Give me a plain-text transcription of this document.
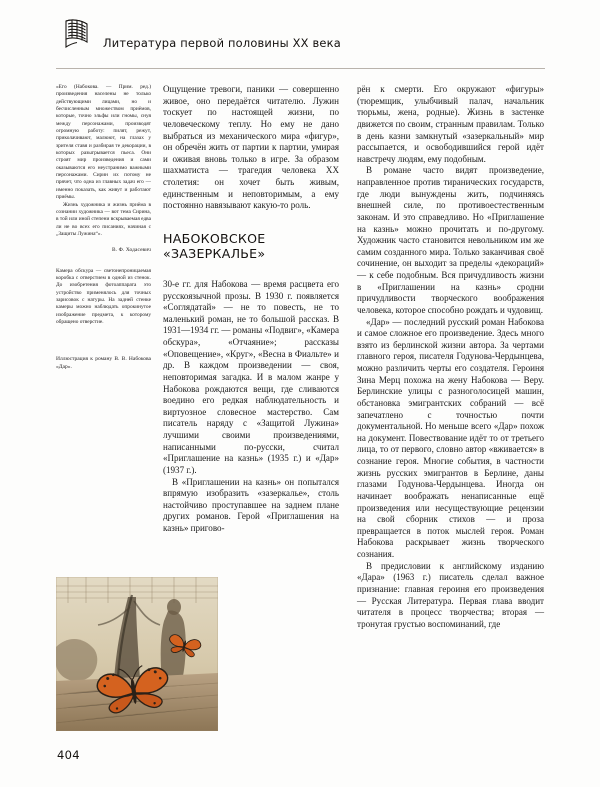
Литература первой половины XX века

«Его (Набокова. — Прим. ред.) произведения населены не только действующими лицами, но и бесчисленным множеством приёмов, которые, точно эльфы или гномы, снуя между персонажами, производят огромную работу: пилят, режут, приколачивают, малюют, на глазах у зрителя ставя и разбирая те декорации, в которых разыгрывается пьеса. Они строят мир произведения и сами оказываются его неустранимо важными персонажами. Сирин их потому не прячет, что одна из главных задач его — именно показать, как живут и работают приёмы.

Жизнь художника и жизнь приёма в сознании художника — вот тема Сирина, в той или иной степени вскрываемая едва ли не во всех его писаниях, начиная с „Защиты Лужина“».

В. Ф. Ходасевич

Камера обскура — светонепроницаемая коробка с отверстием в одной из стенок. До изобретения фотоаппарата это устройство применялось для точных зарисовок с натуры. На задней стенке камеры можно наблюдать опрокинутое изображение предмета, к которому обращено отверстие.

Иллюстрация к роману В. В. Набокова «Дар».

Ощущение тревоги, паники — совершенно живое, оно передаётся читателю. Лужин тоскует по настоящей жизни, по человеческому теплу. Но ему не дано выбраться из механического мира «фигур», он обречён жить от партии к партии, умирая и оживая вновь только в игре. За образом шахматиста — трагедия человека XX столетия: он хочет быть живым, единственным и неповторимым, а ему постоянно навязывают какую-то роль.

НАБОКОВСКОЕ «ЗАЗЕРКАЛЬЕ»

30-е гг. для Набокова — время расцвета его русскоязычной прозы. В 1930 г. появляется «Соглядатай» — не то повесть, не то маленький роман, не то большой рассказ. В 1931—1934 гг. — романы «Подвиг», «Камера обскура», «Отчаяние»; рассказы «Оповещение», «Круг», «Весна в Фиальте» и др. В каждом произведении — своя, неповторимая загадка. И в малом жанре у Набокова рождаются вещи, где сливаются воедино его редкая наблюдательность и виртуозное словесное мастерство. Сам писатель наряду с «Защитой Лужина» лучшими своими произведениями, написанными по-русски, считал «Приглашение на казнь» (1935 г.) и «Дар» (1937 г.).

В «Приглашении на казнь» он попытался впрямую изобразить «зазеркалье», столь настойчиво проступавшее на заднем плане других романов. Герой «Приглашения на казнь» пригово-

рён к смерти. Его окружают «фигуры» (тюремщик, улыбчивый палач, начальник тюрьмы, жена, родные). Жизнь в застенке движется по своим, странным правилам. Только в день казни замкнутый «зазеркальный» мир рассыпается, и освободившийся герой идёт навстречу людям, ему подобным.

В романе часто видят произведение, направленное против тиранических государств, где люди вынуждены жить, подчиняясь внешней силе, по противоестественным законам. И это справедливо. Но «Приглашение на казнь» можно прочитать и по-другому. Художник часто становится невольником им же самим созданного мира. Только заканчивая своё сочинение, он выходит за пределы «декораций» — к себе подобным. Вся причудливость жизни в «Приглашении на казнь» сродни причудливости творческого воображения человека, которое способно рождать и чудовищ.

«Дар» — последний русский роман Набокова и самое сложное его произведение. Здесь много взято из берлинской жизни автора. За чертами главного героя, писателя Годунова-Чердынцева, можно различить черты его создателя. Героиня Зина Мерц похожа на жену Набокова — Веру. Берлинские улицы с разноголосицей машин, обстановка эмигрантских собраний — всё запечатлено с точностью почти документальной. Но меньше всего «Дар» похож на документ. Повествование идёт то от третьего лица, то от первого, словно автор «вживается» в сознание героя. Многие события, в частности жизнь русских эмигрантов в Берлине, даны глазами Годунова-Чердынцева. Иногда он начинает воображать ненаписанные ещё произведения или несуществующие рецензии на свой сборник стихов — и проза превращается в поток мыслей героя. Роман Набокова раскрывает жизнь творческого сознания.

В предисловии к английскому изданию «Дара» (1963 г.) писатель сделал важное признание: главная героиня его произведения — Русская Литература. Первая глава вводит читателя в процесс творчества; вторая — тронутая грустью воспоминаний, где

404
